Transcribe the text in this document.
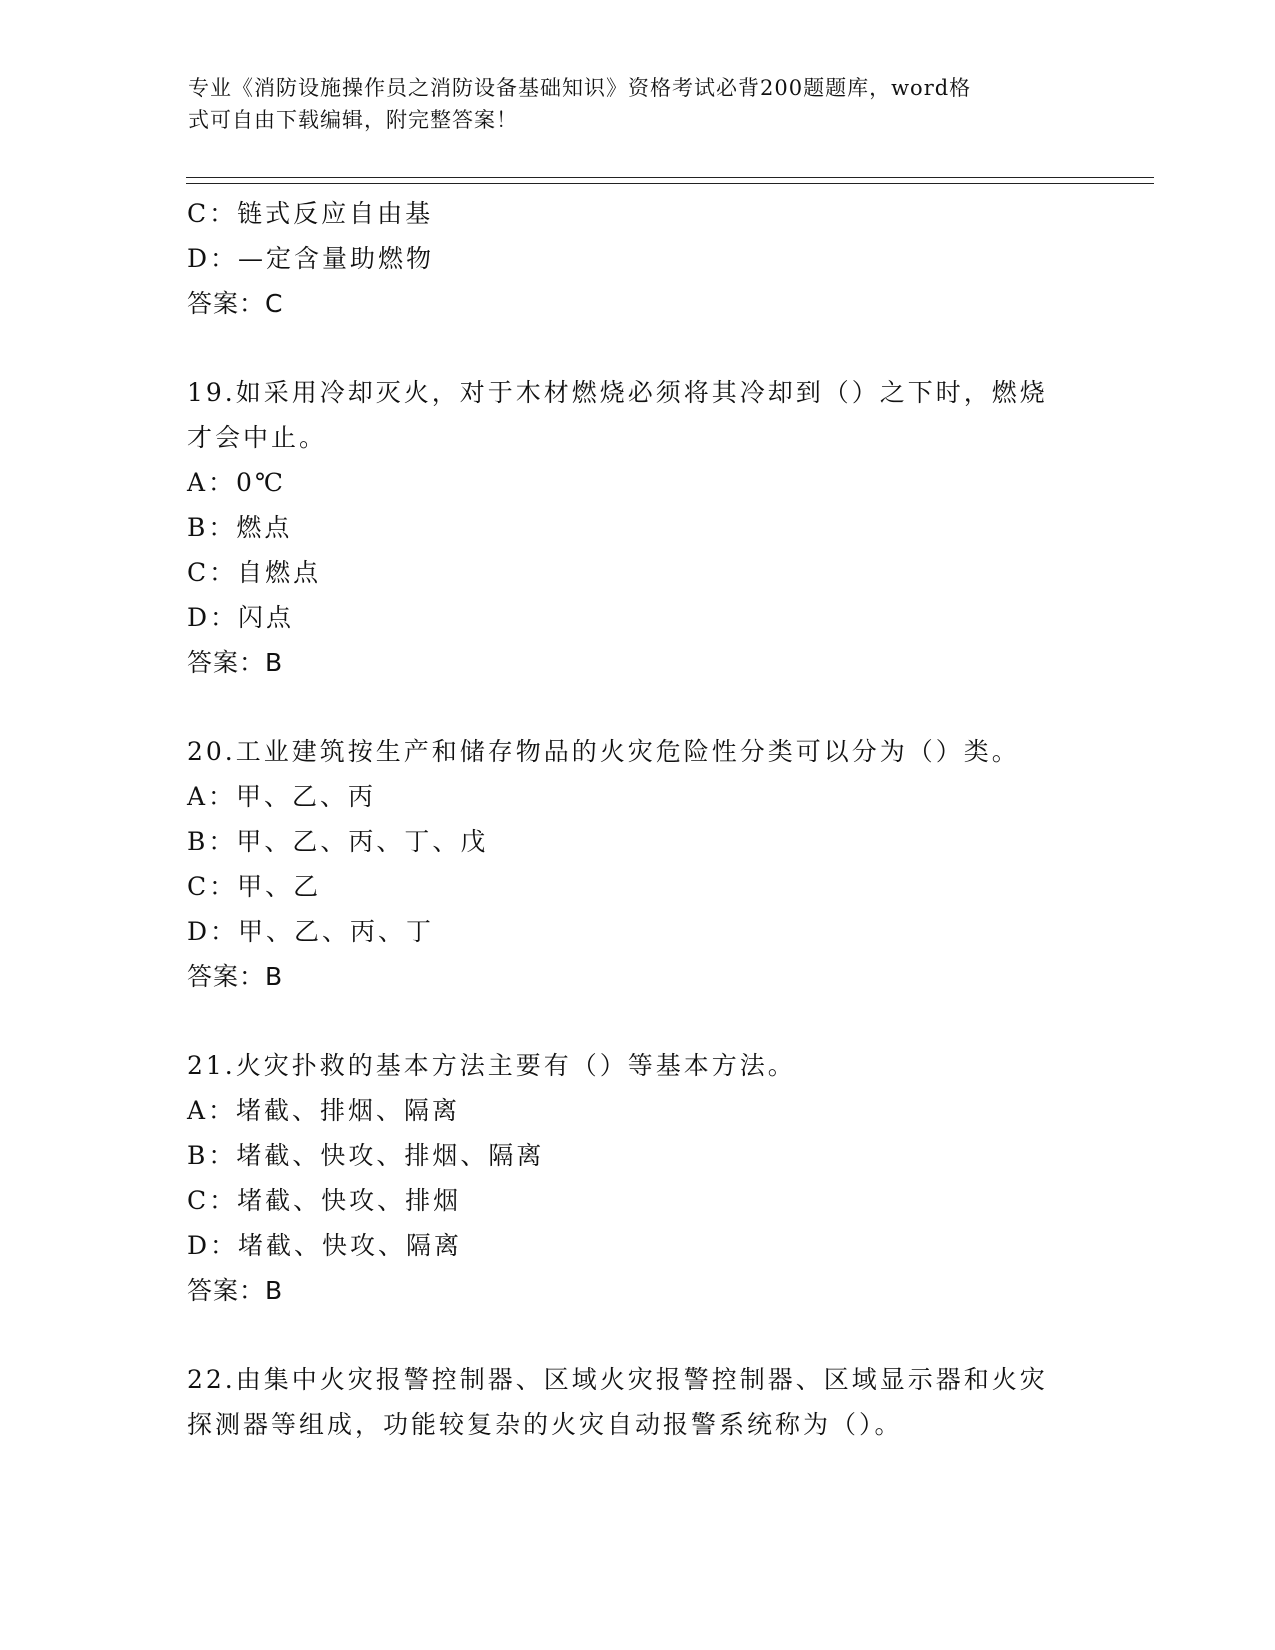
专业《消防设施操作员之消防设备基础知识》资格考试必背200题题库，word格
式可自由下载编辑，附完整答案！
C：链式反应自由基
D：—定含量助燃物
答案：C
19.如采用冷却灭火，对于木材燃烧必须将其冷却到（）之下时，燃烧
才会中止。
A：0℃
B：燃点
C：自燃点
D：闪点
答案：B
20.工业建筑按生产和储存物品的火灾危险性分类可以分为（）类。
A：甲、乙、丙
B：甲、乙、丙、丁、戊
C：甲、乙
D：甲、乙、丙、丁
答案：B
21.火灾扑救的基本方法主要有（）等基本方法。
A：堵截、排烟、隔离
B：堵截、快攻、排烟、隔离
C：堵截、快攻、排烟
D：堵截、快攻、隔离
答案：B
22.由集中火灾报警控制器、区域火灾报警控制器、区域显示器和火灾
探测器等组成，功能较复杂的火灾自动报警系统称为（）。
